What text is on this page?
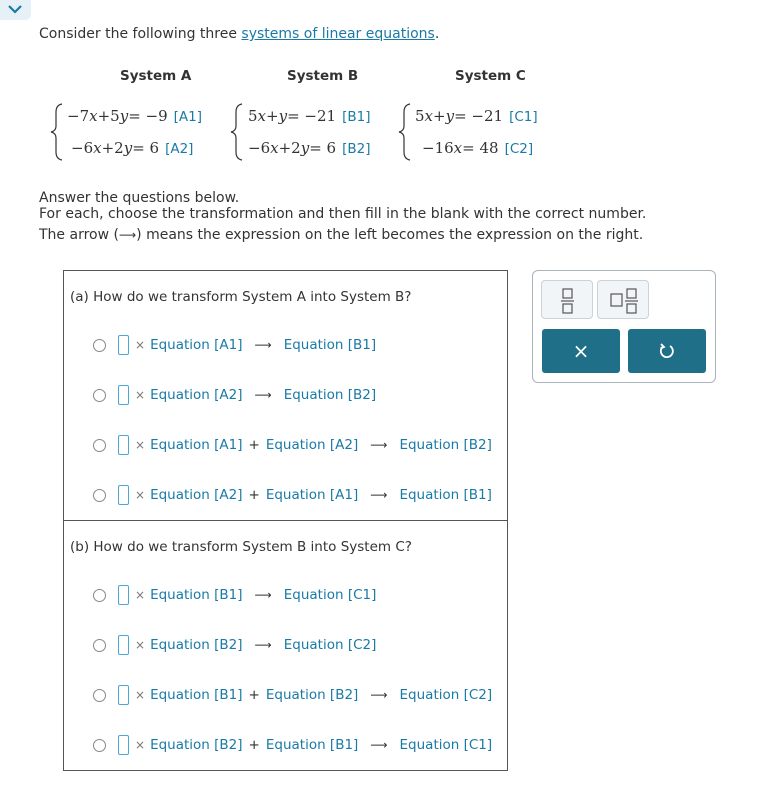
Consider the following three systems of linear equations.
System A	System B	System C
−7x+5y= −9 [A1]
−6x+2y= 6 [A2]
5x+y= −21 [B1]
−6x+2y= 6 [B2]
5x+y= −21 [C1]
−16x= 48 [C2]
Answer the questions below.
For each, choose the transformation and then fill in the blank with the correct number.
The arrow (⟶) means the expression on the left becomes the expression on the right.
(a) How do we transform System A into System B?
× Equation [A1] ⟶ Equation [B1]
× Equation [A2] ⟶ Equation [B2]
× Equation [A1] + Equation [A2] ⟶ Equation [B2]
× Equation [A2] + Equation [A1] ⟶ Equation [B1]
(b) How do we transform System B into System C?
× Equation [B1] ⟶ Equation [C1]
× Equation [B2] ⟶ Equation [C2]
× Equation [B1] + Equation [B2] ⟶ Equation [C2]
× Equation [B2] + Equation [B1] ⟶ Equation [C1]
×
